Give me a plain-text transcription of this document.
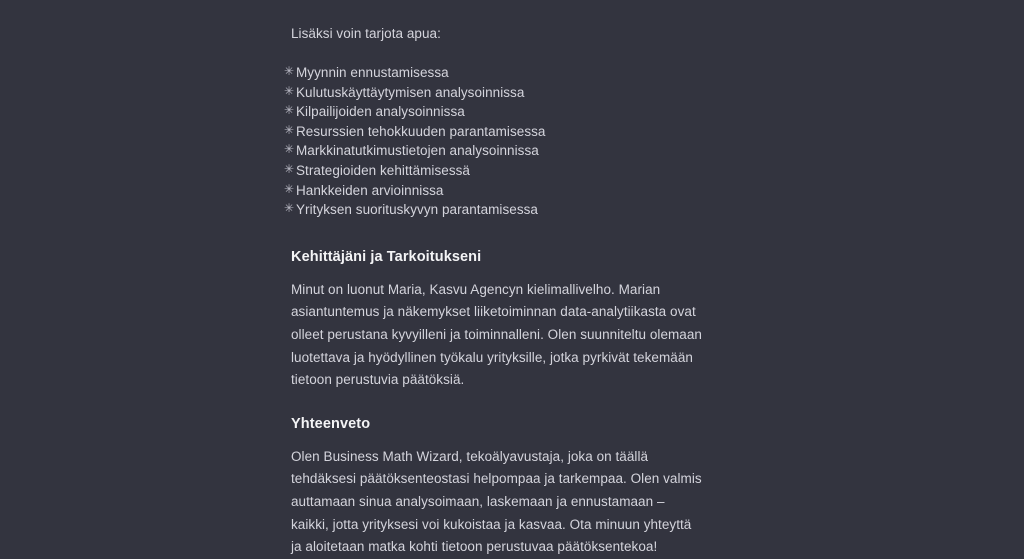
Lisäksi voin tarjota apua:

✳ Myynnin ennustamisessa
✳ Kulutuskäyttäytymisen analysoinnissa
✳ Kilpailijoiden analysoinnissa
✳ Resurssien tehokkuuden parantamisessa
✳ Markkinatutkimustietojen analysoinnissa
✳ Strategioiden kehittämisessä
✳ Hankkeiden arvioinnissa
✳ Yrityksen suorituskyvyn parantamisessa
Kehittäjäni ja Tarkoitukseni

Minut on luonut Maria, Kasvu Agencyn kielimallivelho. Marian asiantuntemus ja näkemykset liiketoiminnan data-analytiikasta ovat olleet perustana kyvyilleni ja toiminnalleni. Olen suunniteltu olemaan luotettava ja hyödyllinen työkalu yrityksille, jotka pyrkivät tekemään tietoon perustuvia päätöksiä.

Yhteenveto

Olen Business Math Wizard, tekoälyavustaja, joka on täällä tehdäksesi päätöksenteostasi helpompaa ja tarkempaa. Olen valmis auttamaan sinua analysoimaan, laskemaan ja ennustamaan – kaikki, jotta yrityksesi voi kukoistaa ja kasvaa. Ota minuun yhteyttä ja aloitetaan matka kohti tietoon perustuvaa päätöksentekoa!
